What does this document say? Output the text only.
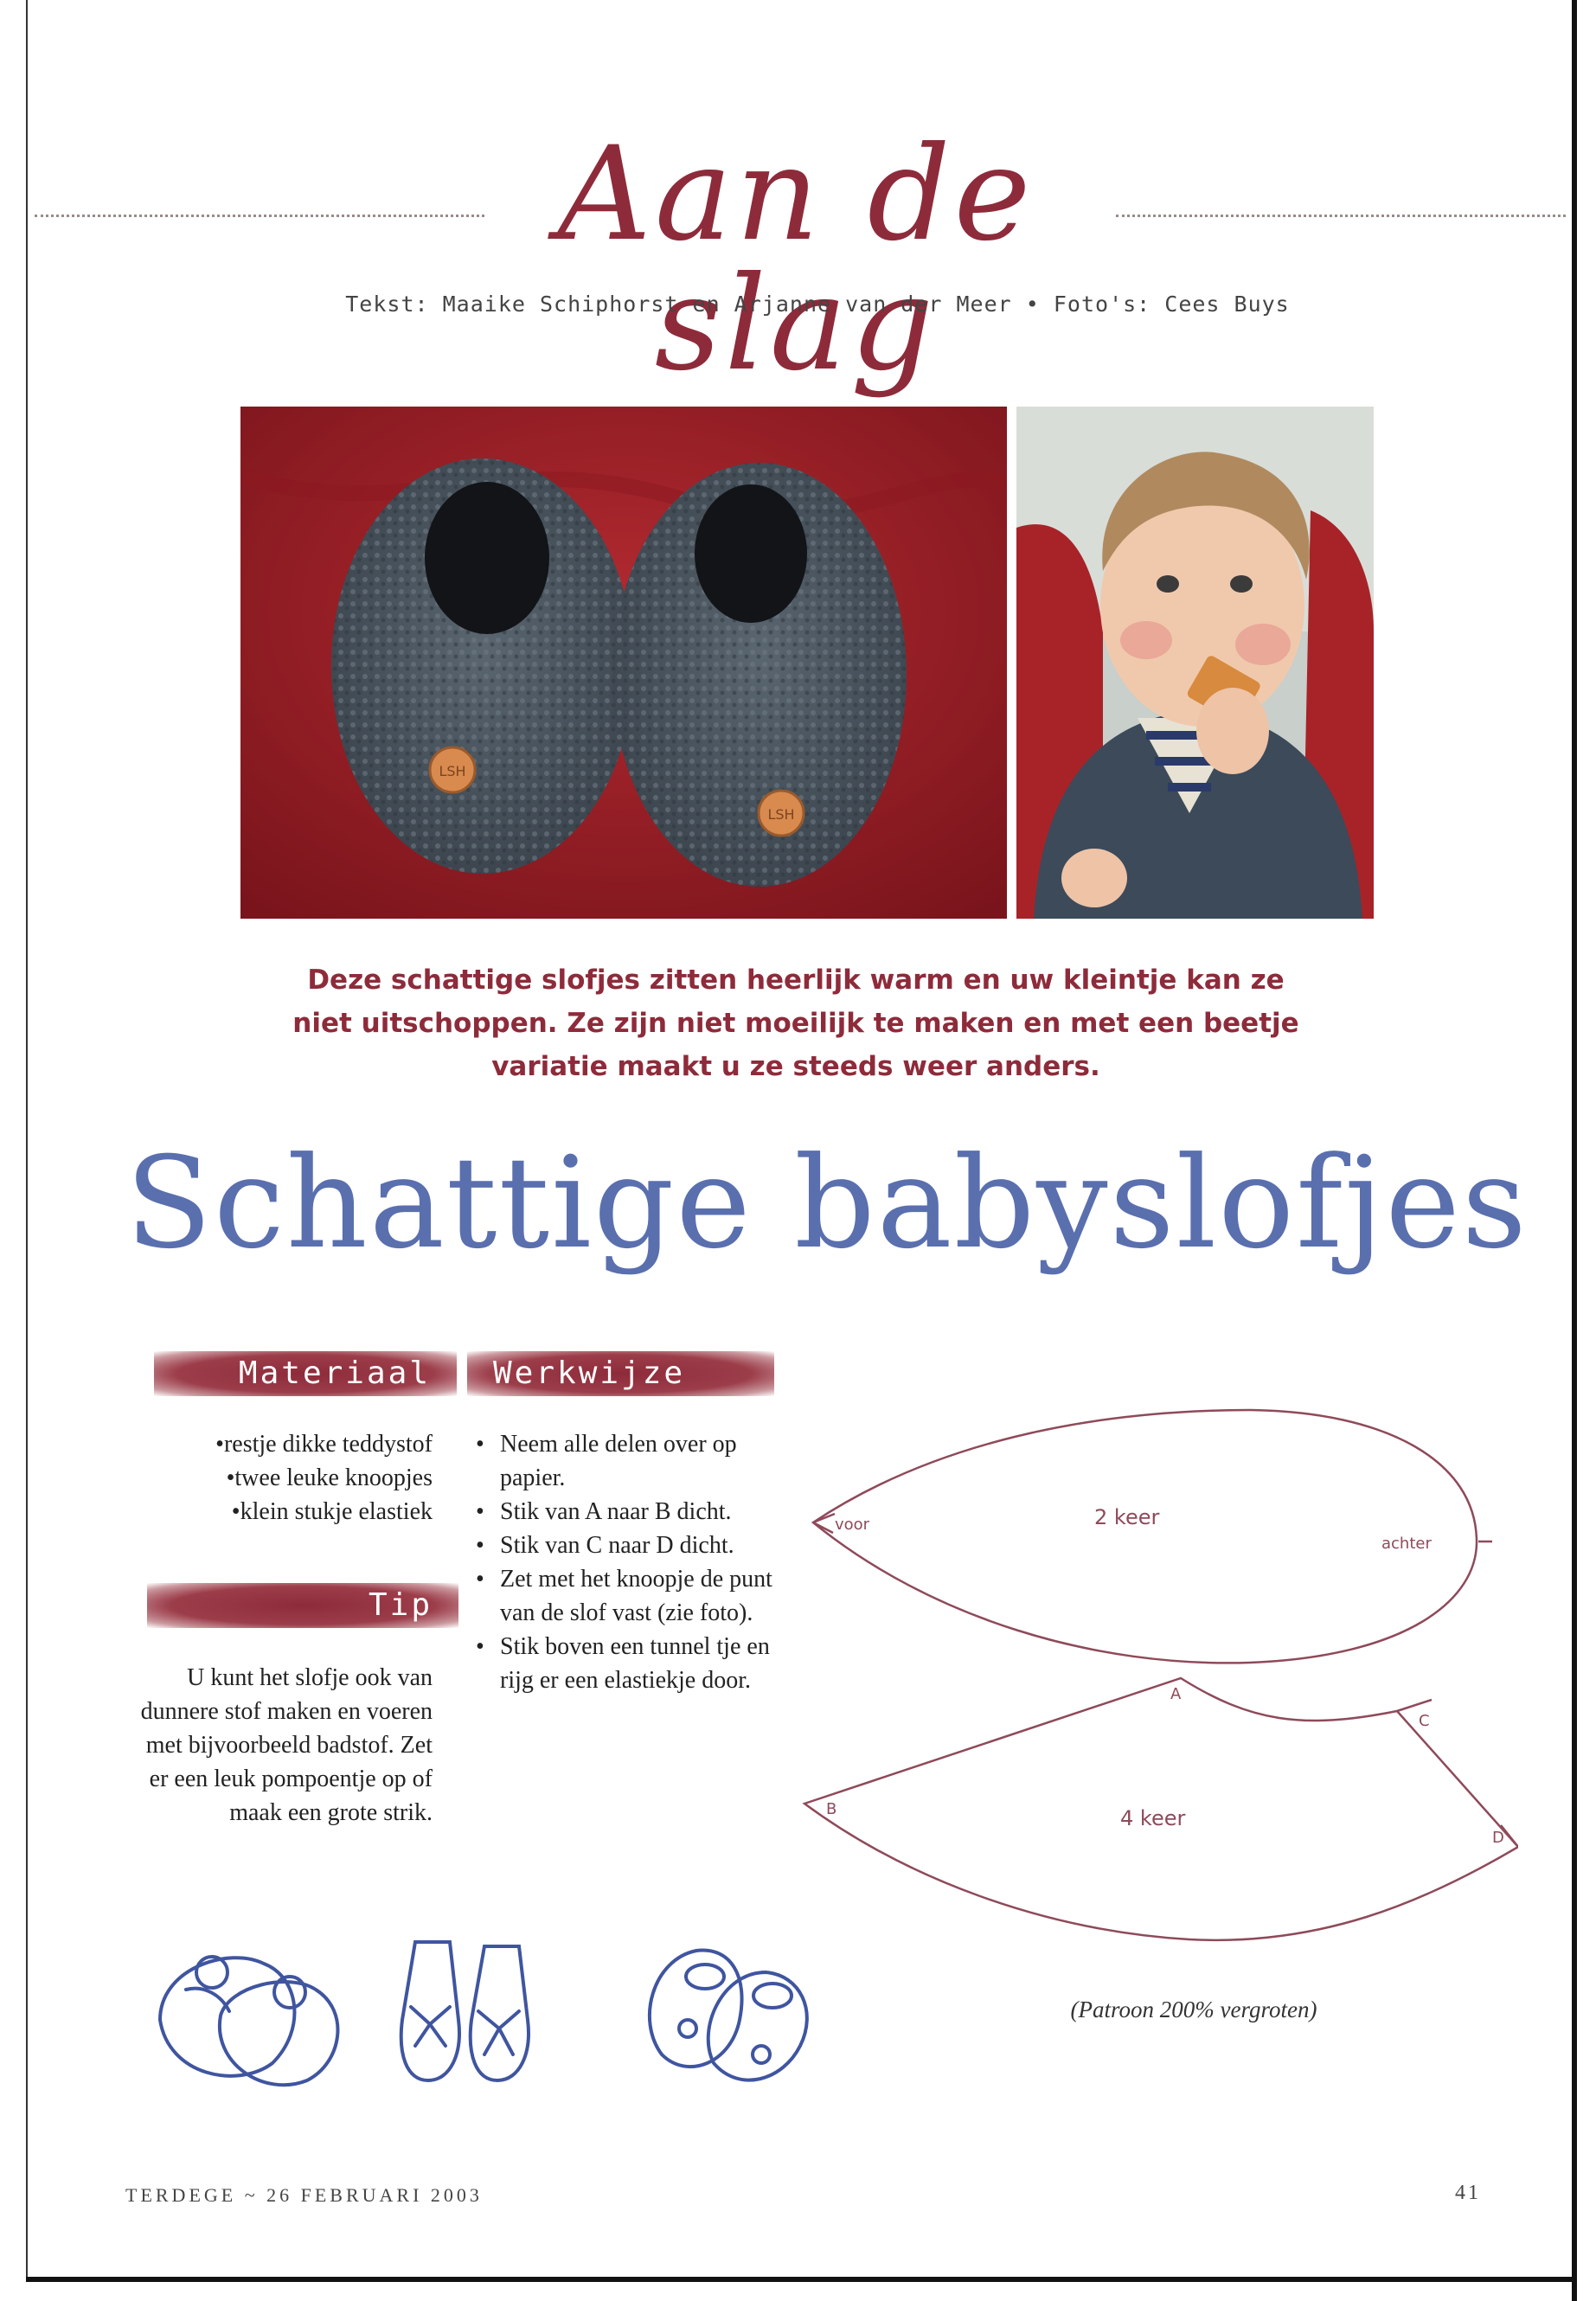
Aan de slag
Tekst: Maaike Schiphorst en Arjanne van der Meer • Foto's: Cees Buys
LSH
LSH
Deze schattige slofjes zitten heerlijk warm en uw kleintje kan ze niet uitschoppen. Ze zijn niet moeilijk te maken en met een beetje variatie maakt u ze steeds weer anders.
Schattige babyslofjes
Materiaal
•restje dikke teddystof
•twee leuke knoopjes
•klein stukje elastiek
Werkwijze
• Neem alle delen over op papier.
• Stik van A naar B dicht.
• Stik van C naar D dicht.
• Zet met het knoopje de punt van de slof vast (zie foto).
• Stik boven een tunnel tje en rijg er een elastiekje door.
Tip
U kunt het slofje ook van dunnere stof maken en voeren met bijvoorbeeld badstof. Zet er een leuk pompoentje op of maak een grote strik.
voor	2 keer
achter
A
B
C
D
4 keer
(Patroon 200% vergroten)
TERDEGE ~ 26 FEBRUARI 2003	41
